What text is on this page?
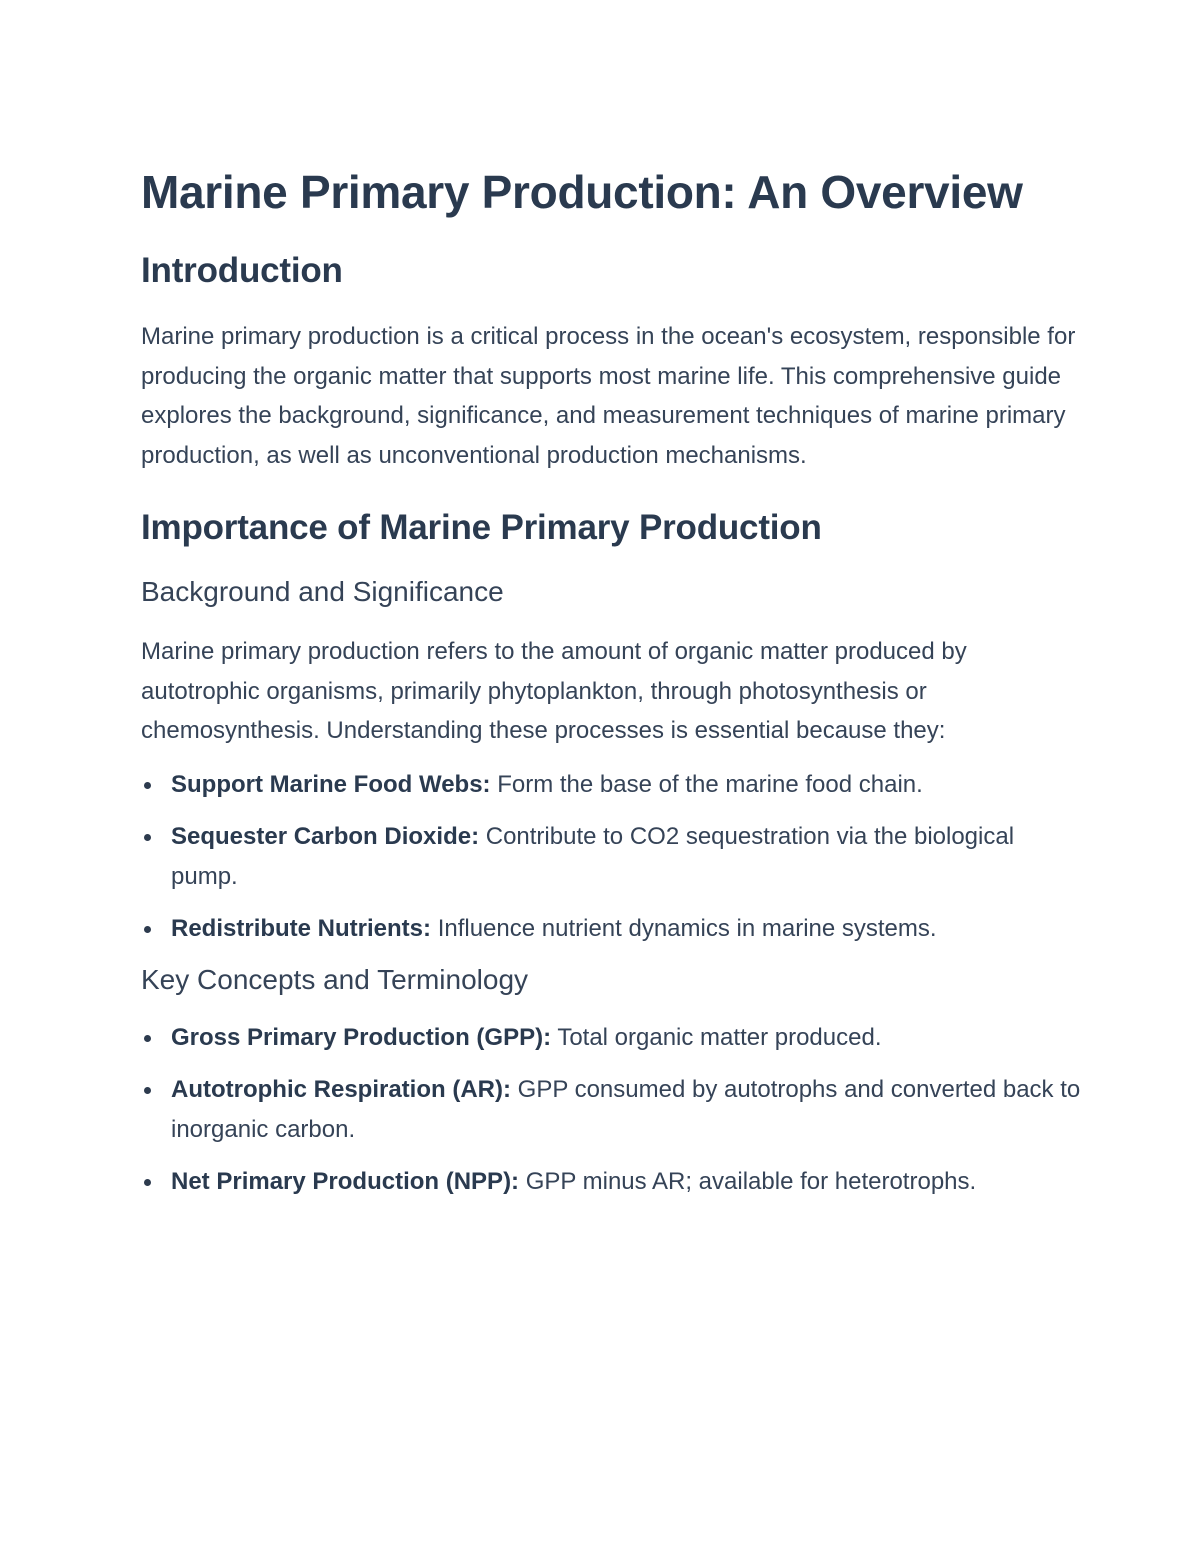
Marine Primary Production: An Overview
Introduction

Marine primary production is a critical process in the ocean's ecosystem, responsible for producing the organic matter that supports most marine life. This comprehensive guide explores the background, significance, and measurement techniques of marine primary production, as well as unconventional production mechanisms.

Importance of Marine Primary Production
Background and Significance

Marine primary production refers to the amount of organic matter produced by autotrophic organisms, primarily phytoplankton, through photosynthesis or chemosynthesis. Understanding these processes is essential because they:

Support Marine Food Webs: Form the base of the marine food chain.
Sequester Carbon Dioxide: Contribute to CO2 sequestration via the biological pump.
Redistribute Nutrients: Influence nutrient dynamics in marine systems.
Key Concepts and Terminology
Gross Primary Production (GPP): Total organic matter produced.
Autotrophic Respiration (AR): GPP consumed by autotrophs and converted back to inorganic carbon.
Net Primary Production (NPP): GPP minus AR; available for heterotrophs.
